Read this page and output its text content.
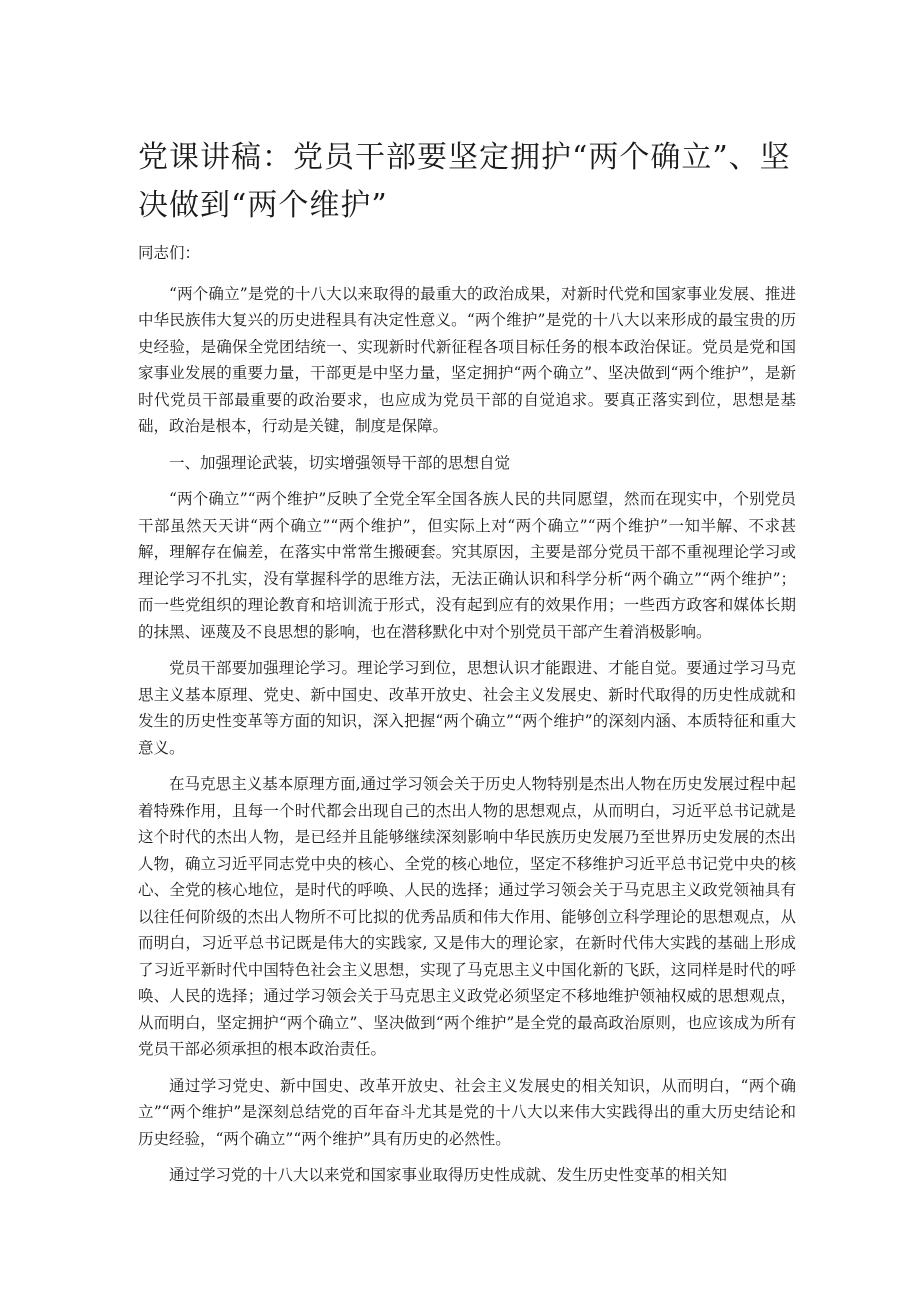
党课讲稿：党员干部要坚定拥护“两个确立”、坚决做到“两个维护”

同志们：

“两个确立”是党的十八大以来取得的最重大的政治成果，对新时代党和国家事业发展、推进中华民族伟大复兴的历史进程具有决定性意义。“两个维护”是党的十八大以来形成的最宝贵的历史经验，是确保全党团结统一、实现新时代新征程各项目标任务的根本政治保证。党员是党和国家事业发展的重要力量，干部更是中坚力量，坚定拥护“两个确立”、坚决做到“两个维护”，是新时代党员干部最重要的政治要求，也应成为党员干部的自觉追求。要真正落实到位，思想是基础，政治是根本，行动是关键，制度是保障。

一、加强理论武装，切实增强领导干部的思想自觉

“两个确立”“两个维护”反映了全党全军全国各族人民的共同愿望，然而在现实中，个别党员干部虽然天天讲“两个确立”“两个维护”，但实际上对“两个确立”“两个维护”一知半解、不求甚解，理解存在偏差，在落实中常常生搬硬套。究其原因，主要是部分党员干部不重视理论学习或理论学习不扎实，没有掌握科学的思维方法，无法正确认识和科学分析“两个确立”“两个维护”；而一些党组织的理论教育和培训流于形式，没有起到应有的效果作用；一些西方政客和媒体长期的抹黑、诬蔑及不良思想的影响，也在潜移默化中对个别党员干部产生着消极影响。

党员干部要加强理论学习。理论学习到位，思想认识才能跟进、才能自觉。要通过学习马克思主义基本原理、党史、新中国史、改革开放史、社会主义发展史、新时代取得的历史性成就和发生的历史性变革等方面的知识，深入把握“两个确立”“两个维护”的深刻内涵、本质特征和重大意义。

在马克思主义基本原理方面,通过学习领会关于历史人物特别是杰出人物在历史发展过程中起着特殊作用，且每一个时代都会出现自己的杰出人物的思想观点，从而明白，习近平总书记就是这个时代的杰出人物，是已经并且能够继续深刻影响中华民族历史发展乃至世界历史发展的杰出人物，确立习近平同志党中央的核心、全党的核心地位，坚定不移维护习近平总书记党中央的核心、全党的核心地位，是时代的呼唤、人民的选择；通过学习领会关于马克思主义政党领袖具有以往任何阶级的杰出人物所不可比拟的优秀品质和伟大作用、能够创立科学理论的思想观点，从而明白，习近平总书记既是伟大的实践家, 又是伟大的理论家，在新时代伟大实践的基础上形成了习近平新时代中国特色社会主义思想，实现了马克思主义中国化新的飞跃，这同样是时代的呼唤、人民的选择；通过学习领会关于马克思主义政党必须坚定不移地维护领袖权威的思想观点，从而明白，坚定拥护“两个确立”、坚决做到“两个维护”是全党的最高政治原则，也应该成为所有党员干部必须承担的根本政治责任。

通过学习党史、新中国史、改革开放史、社会主义发展史的相关知识，从而明白，“两个确立”“两个维护”是深刻总结党的百年奋斗尤其是党的十八大以来伟大实践得出的重大历史结论和历史经验，“两个确立”“两个维护”具有历史的必然性。

通过学习党的十八大以来党和国家事业取得历史性成就、发生历史性变革的相关知
